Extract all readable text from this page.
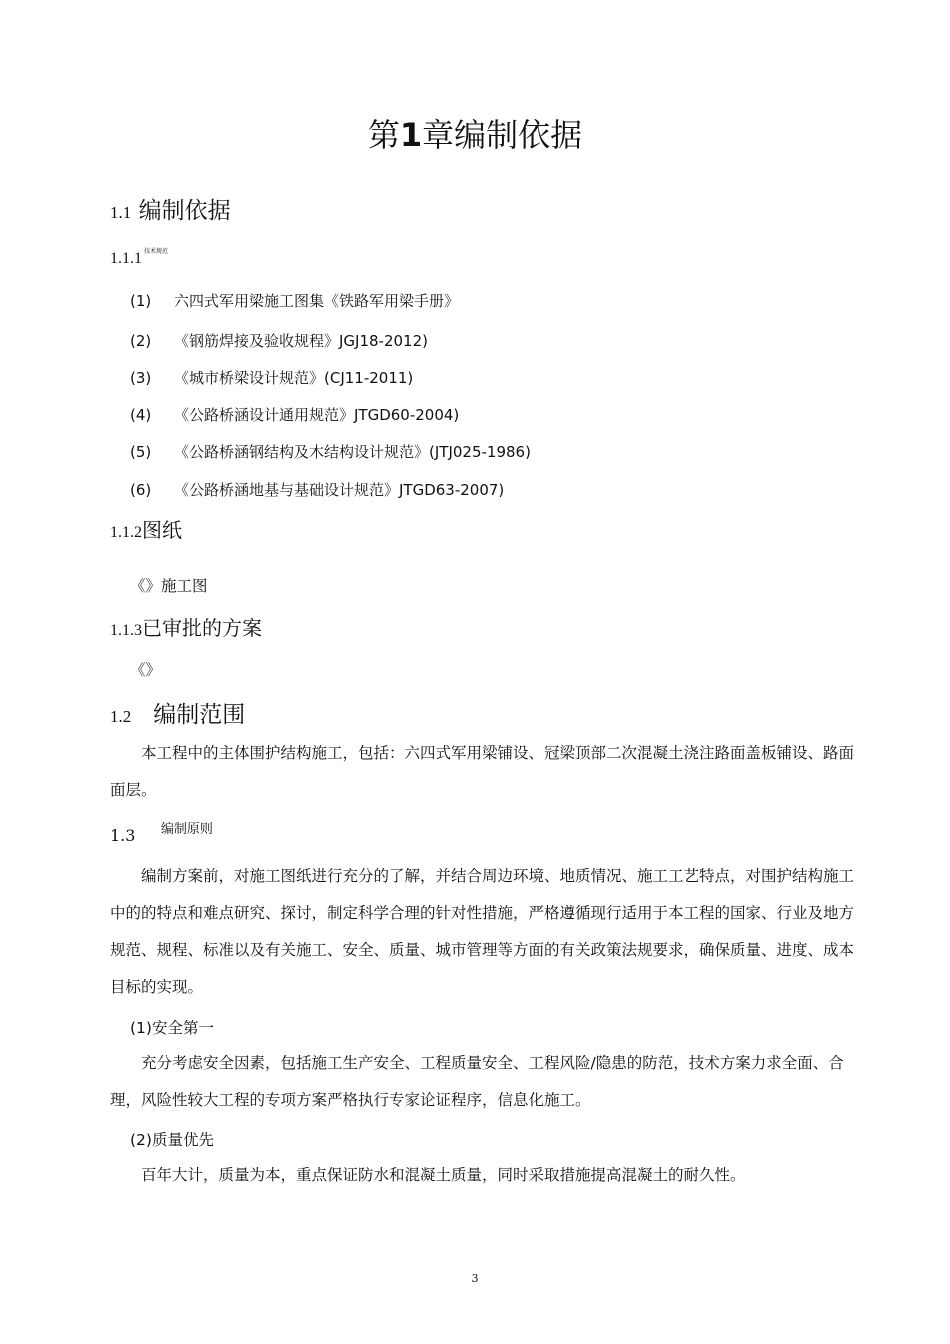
第1章编制依据
1.1 编制依据
1.1.1 $^{技术规范}$
(1) 六四式军用梁施工图集《铁路军用梁手册》
(2) 《钢筋焊接及验收规程》JGJ18-2012)
(3) 《城市桥梁设计规范》(CJ11-2011)
(4) 《公路桥涵设计通用规范》JTGD60-2004)
(5) 《公路桥涵钢结构及木结构设计规范》(JTJ025-1986)
(6) 《公路桥涵地基与基础设计规范》JTGD63-2007)
1.1.2图纸
《》施工图
1.1.3已审批的方案
《》
1.2 编制范围
本工程中的主体围护结构施工，包括：六四式军用梁铺设、冠梁顶部二次混凝土浇注路面盖板铺设、路面面层。
1.3 编制原则
编制方案前，对施工图纸进行充分的了解，并结合周边环境、地质情况、施工工艺特点，对围护结构施工中的的特点和难点研究、探讨，制定科学合理的针对性措施，严格遵循现行适用于本工程的国家、行业及地方规范、规程、标准以及有关施工、安全、质量、城市管理等方面的有关政策法规要求，确保质量、进度、成本目标的实现。
(1)安全第一
充分考虑安全因素，包括施工生产安全、工程质量安全、工程风险/隐患的防范，技术方案力求全面、合理，风险性较大工程的专项方案严格执行专家论证程序，信息化施工。
(2)质量优先
百年大计，质量为本，重点保证防水和混凝土质量，同时采取措施提高混凝土的耐久性。
3
